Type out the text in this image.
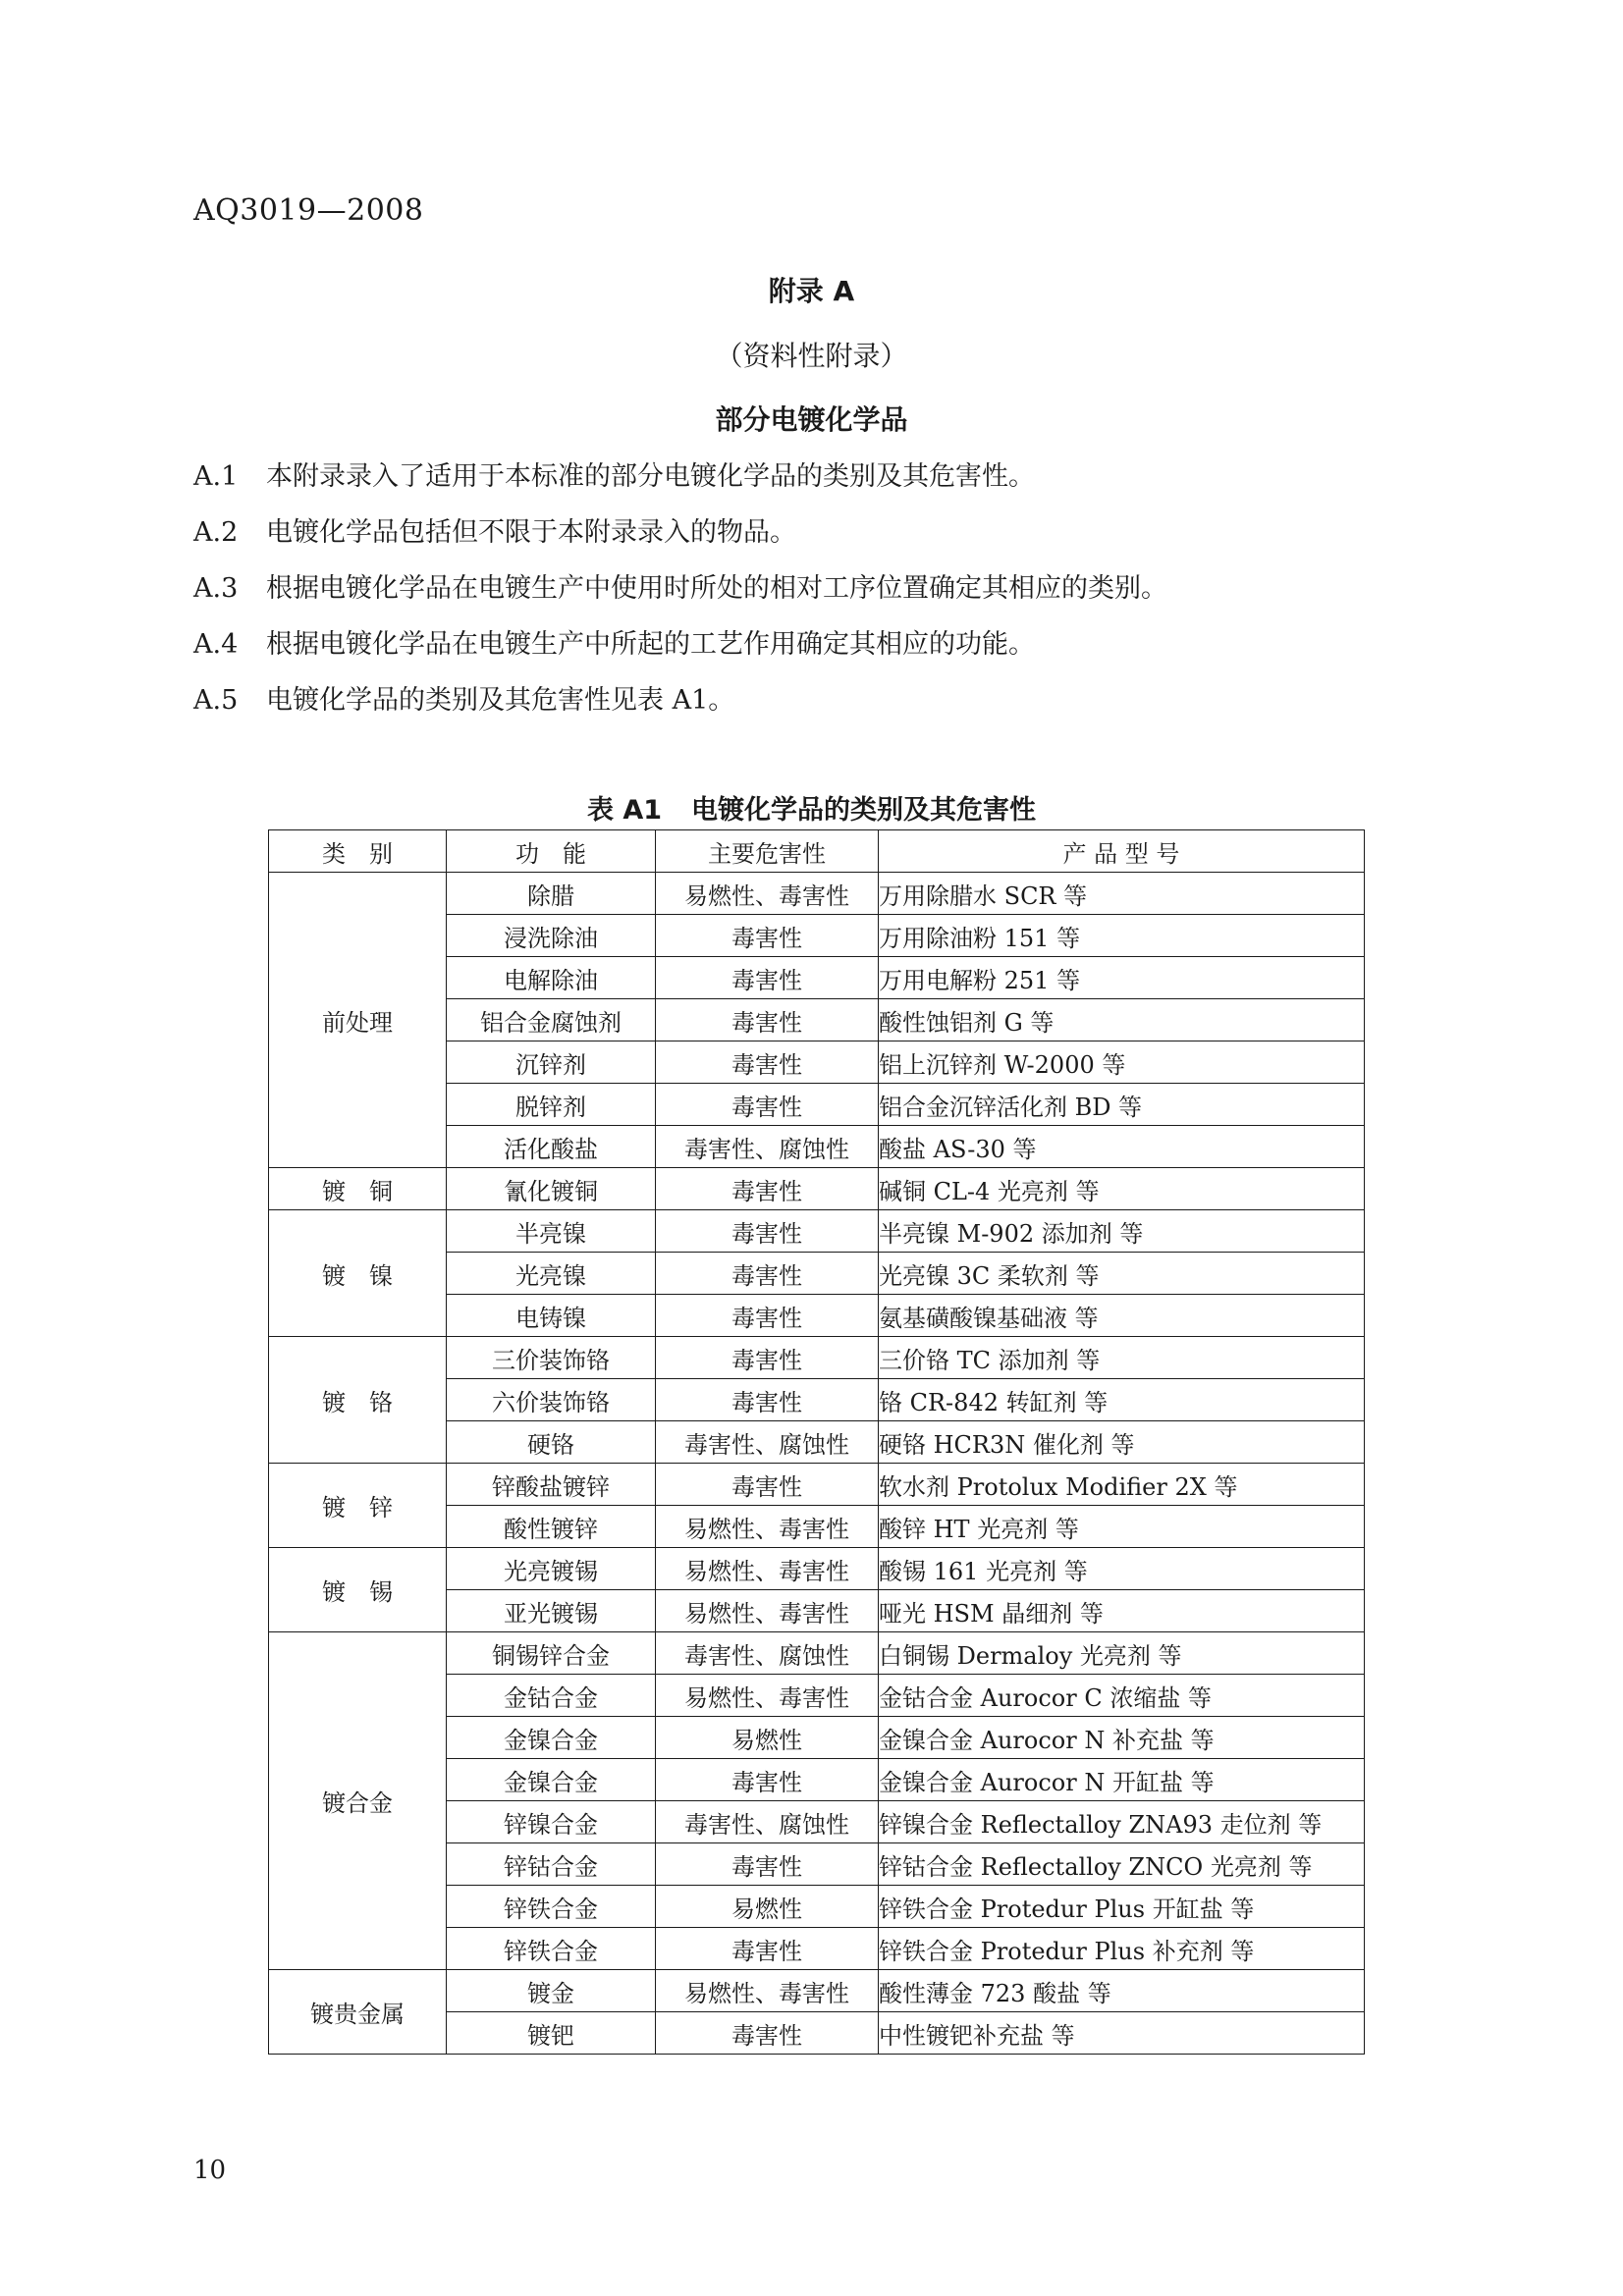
AQ3019—2008
附录 A
（资料性附录）
部分电镀化学品
A.1 本附录录入了适用于本标准的部分电镀化学品的类别及其危害性。
A.2 电镀化学品包括但不限于本附录录入的物品。
A.3 根据电镀化学品在电镀生产中使用时所处的相对工序位置确定其相应的类别。
A.4 根据电镀化学品在电镀生产中所起的工艺作用确定其相应的功能。
A.5 电镀化学品的类别及其危害性见表 A1。
表 A1 电镀化学品的类别及其危害性
类　别	功　能	主要危害性	产 品 型 号
前处理	除腊	易燃性、毒害性	万用除腊水 SCR 等
	浸洗除油	毒害性	万用除油粉 151 等
	电解除油	毒害性	万用电解粉 251 等
	铝合金腐蚀剂	毒害性	酸性蚀铝剂 G 等
	沉锌剂	毒害性	铝上沉锌剂 W-2000 等
	脱锌剂	毒害性	铝合金沉锌活化剂 BD 等
	活化酸盐	毒害性、腐蚀性	酸盐 AS-30 等
镀　铜	氰化镀铜	毒害性	碱铜 CL-4 光亮剂 等
镀　镍	半亮镍	毒害性	半亮镍 M-902 添加剂 等
	光亮镍	毒害性	光亮镍 3C 柔软剂 等
	电铸镍	毒害性	氨基磺酸镍基础液 等
镀　铬	三价装饰铬	毒害性	三价铬 TC 添加剂 等
	六价装饰铬	毒害性	铬 CR-842 转缸剂 等
	硬铬	毒害性、腐蚀性	硬铬 HCR3N 催化剂 等
镀　锌	锌酸盐镀锌	毒害性	软水剂 Protolux Modifier 2X 等
	酸性镀锌	易燃性、毒害性	酸锌 HT 光亮剂 等
镀　锡	光亮镀锡	易燃性、毒害性	酸锡 161 光亮剂 等
	亚光镀锡	易燃性、毒害性	哑光 HSM 晶细剂 等
镀合金	铜锡锌合金	毒害性、腐蚀性	白铜锡 Dermaloy 光亮剂 等
	金钴合金	易燃性、毒害性	金钴合金 Aurocor C 浓缩盐 等
	金镍合金	易燃性	金镍合金 Aurocor N 补充盐 等
	金镍合金	毒害性	金镍合金 Aurocor N 开缸盐 等
	锌镍合金	毒害性、腐蚀性	锌镍合金 Reflectalloy ZNA93 走位剂 等
	锌钴合金	毒害性	锌钴合金 Reflectalloy ZNCO 光亮剂 等
	锌铁合金	易燃性	锌铁合金 Protedur Plus 开缸盐 等
	锌铁合金	毒害性	锌铁合金 Protedur Plus 补充剂 等
镀贵金属	镀金	易燃性、毒害性	酸性薄金 723 酸盐 等
	镀钯	毒害性	中性镀钯补充盐 等
10
